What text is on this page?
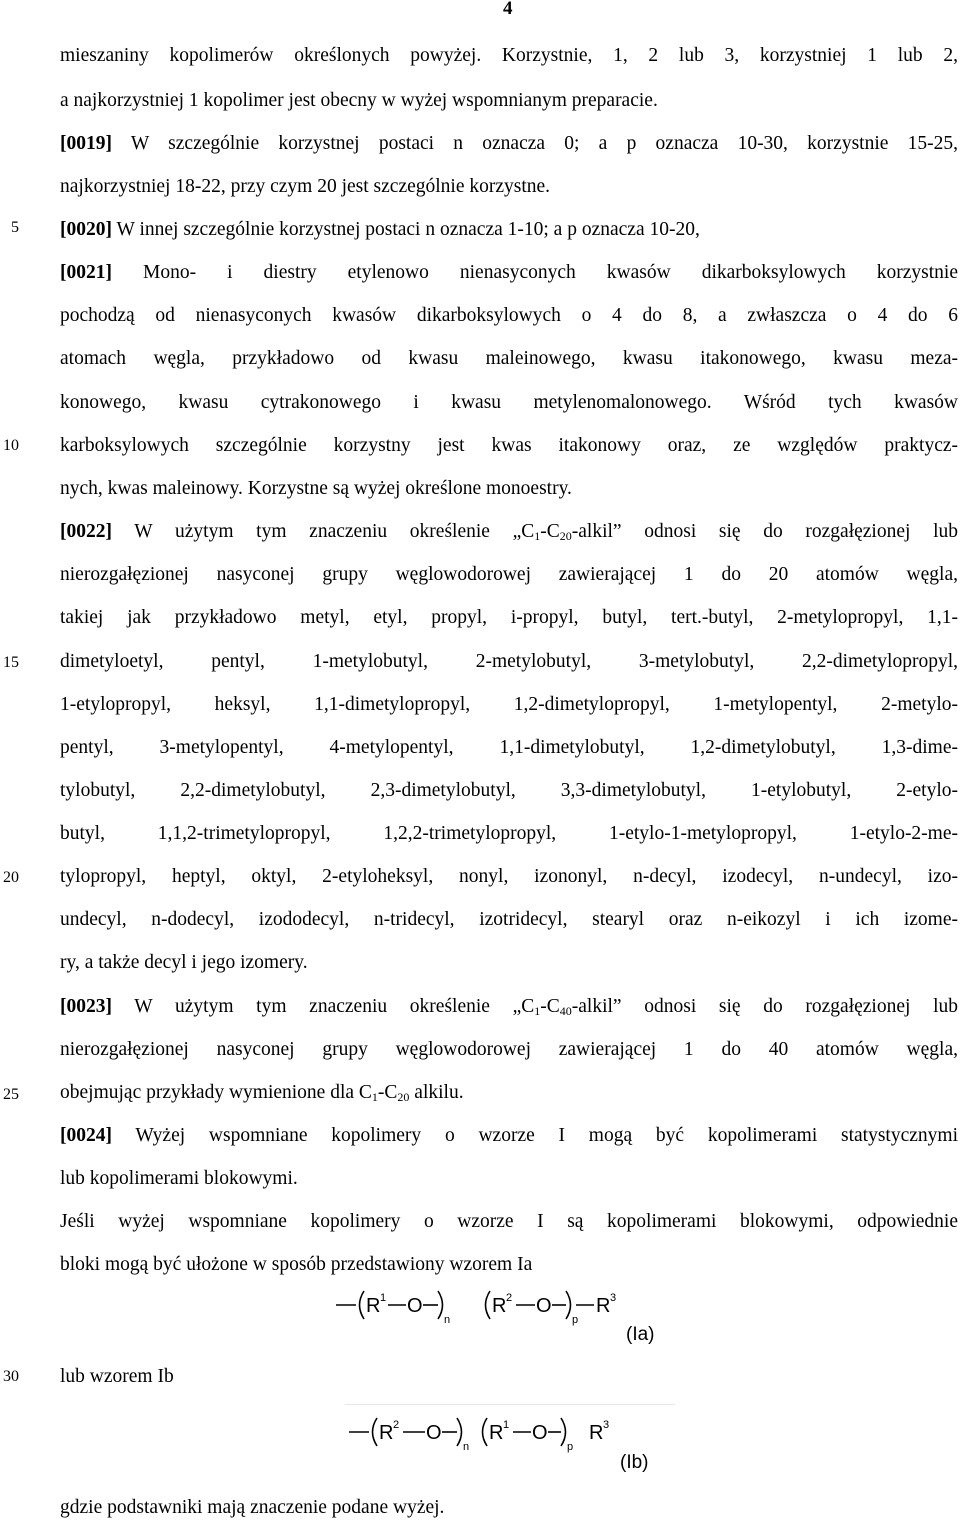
4
5
10
15
20
25
30
mieszaniny kopolimerów określonych powyżej. Korzystnie, 1, 2 lub 3, korzystniej 1 lub 2,
a najkorzystniej 1 kopolimer jest obecny w wyżej wspomnianym preparacie.
[0019] W szczególnie korzystnej postaci n oznacza 0; a p oznacza 10-30, korzystnie 15-25,
najkorzystniej 18-22, przy czym 20 jest szczególnie korzystne.
[0020] W innej szczególnie korzystnej postaci n oznacza 1-10; a p oznacza 10-20,
[0021] Mono- i diestry etylenowo nienasyconych kwasów dikarboksylowych korzystnie
pochodzą od nienasyconych kwasów dikarboksylowych o 4 do 8, a zwłaszcza o 4 do 6
atomach węgla, przykładowo od kwasu maleinowego, kwasu itakonowego, kwasu meza-
konowego, kwasu cytrakonowego i kwasu metylenomalonowego. Wśród tych kwasów
karboksylowych szczególnie korzystny jest kwas itakonowy oraz, ze względów praktycz-
nych, kwas maleinowy. Korzystne są wyżej określone monoestry.
[0022] W użytym tym znaczeniu określenie $„C_1-C_{20}$-alkil” odnosi się do rozgałęzionej lub
nierozgałęzionej nasyconej grupy węglowodorowej zawierającej 1 do 20 atomów węgla,
takiej jak przykładowo metyl, etyl, propyl, i-propyl, butyl, tert.-butyl, 2-metylopropyl, 1,1-
dimetyloetyl, pentyl, 1-metylobutyl, 2-metylobutyl, 3-metylobutyl, 2,2-dimetylopropyl,
1-etylopropyl, heksyl, 1,1-dimetylopropyl, 1,2-dimetylopropyl, 1-metylopentyl, 2-metylo-
pentyl, 3-metylopentyl, 4-metylopentyl, 1,1-dimetylobutyl, 1,2-dimetylobutyl, 1,3-dime-
tylobutyl, 2,2-dimetylobutyl, 2,3-dimetylobutyl, 3,3-dimetylobutyl, 1-etylobutyl, 2-etylo-
butyl, 1,1,2-trimetylopropyl, 1,2,2-trimetylopropyl, 1-etylo-1-metylopropyl, 1-etylo-2-me-
tylopropyl, heptyl, oktyl, 2-etyloheksyl, nonyl, izononyl, n-decyl, izodecyl, n-undecyl, izo-
undecyl, n-dodecyl, izododecyl, n-tridecyl, izotridecyl, stearyl oraz n-eikozyl i ich izome-
ry, a także decyl i jego izomery.
[0023] W użytym tym znaczeniu określenie $„C_1-C_{40}$-alkil” odnosi się do rozgałęzionej lub
nierozgałęzionej nasyconej grupy węglowodorowej zawierającej 1 do 40 atomów węgla,
obejmując przykłady wymienione dla $C_1-C_{20}$ alkilu.
[0024] Wyżej wspomniane kopolimery o wzorze I mogą być kopolimerami statystycznymi
lub kopolimerami blokowymi.
Jeśli wyżej wspomniane kopolimery o wzorze I są kopolimerami blokowymi, odpowiednie
bloki mogą być ułożone w sposób przedstawiony wzorem Ia
lub wzorem Ib
gdzie podstawniki mają znaczenie podane wyżej.
R 1 O
n
R 2 O
p
R 3
(Ia)
R 2 O
n
R 1 O
p
R 3
(Ib)
